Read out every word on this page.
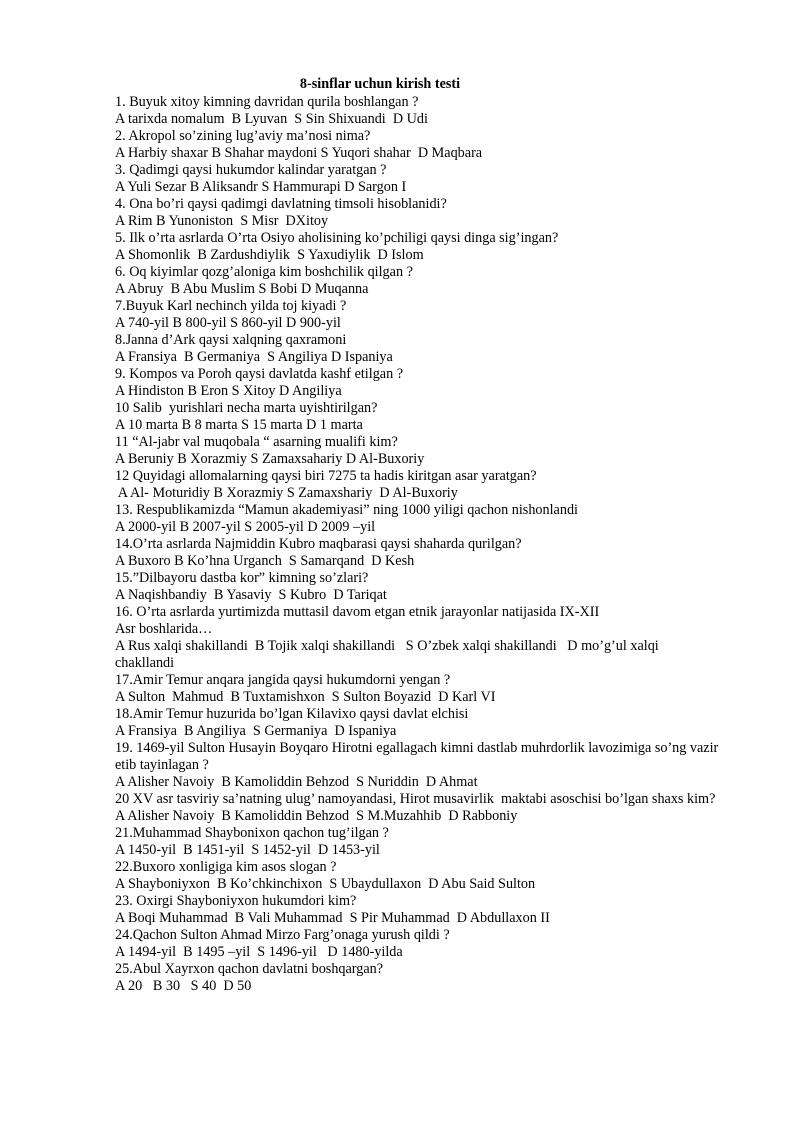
8-sinflar uchun kirish testi
1. Buyuk xitoy kimning davridan qurila boshlangan ?
A tarixda nomalum  B Lyuvan  S Sin Shixuandi  D Udi
2. Akropol so’zining lug’aviy ma’nosi nima?
A Harbiy shaxar B Shahar maydoni S Yuqori shahar  D Maqbara
3. Qadimgi qaysi hukumdor kalindar yaratgan ?
A Yuli Sezar B Aliksandr S Hammurapi D Sargon I
4. Ona bo’ri qaysi qadimgi davlatning timsoli hisoblanidi?
A Rim B Yunoniston  S Misr  DXitoy
5. Ilk o’rta asrlarda O’rta Osiyo aholisining ko’pchiligi qaysi dinga sig’ingan?
A Shomonlik  B Zardushdiylik  S Yaxudiylik  D Islom
6. Oq kiyimlar qozg’aloniga kim boshchilik qilgan ?
A Abruy  B Abu Muslim S Bobi D Muqanna
7.Buyuk Karl nechinch yilda toj kiyadi ?
A 740-yil B 800-yil S 860-yil D 900-yil
8.Janna d’Ark qaysi xalqning qaxramoni
A Fransiya  B Germaniya  S Angiliya D Ispaniya
9. Kompos va Poroh qaysi davlatda kashf etilgan ?
A Hindiston B Eron S Xitoy D Angiliya
10 Salib  yurishlari necha marta uyishtirilgan?
A 10 marta B 8 marta S 15 marta D 1 marta
11 “Al-jabr val muqobala “ asarning mualifi kim?
A Beruniy B Xorazmiy S Zamaxsahariy D Al-Buxoriy
12 Quyidagi allomalarning qaysi biri 7275 ta hadis kiritgan asar yaratgan?
A Al- Moturidiy B Xorazmiy S Zamaxshariy  D Al-Buxoriy
13. Respublikamizda “Mamun akademiyasi” ning 1000 yiligi qachon nishonlandi
A 2000-yil B 2007-yil S 2005-yil D 2009 –yil
14.O’rta asrlarda Najmiddin Kubro maqbarasi qaysi shaharda qurilgan?
A Buxoro B Ko’hna Urganch  S Samarqand  D Kesh
15.”Dilbayoru dastba kor” kimning so’zlari?
A Naqishbandiy  B Yasaviy  S Kubro  D Tariqat
16. O’rta asrlarda yurtimizda muttasil davom etgan etnik jarayonlar natijasida IX-XII
Asr boshlarida…
A Rus xalqi shakillandi  B Tojik xalqi shakillandi   S O’zbek xalqi shakillandi   D mo’g’ul xalqi
chakllandi
17.Amir Temur anqara jangida qaysi hukumdorni yengan ?
A Sulton  Mahmud  B Tuxtamishxon  S Sulton Boyazid  D Karl VI
18.Amir Temur huzurida bo’lgan Kilavixo qaysi davlat elchisi
A Fransiya  B Angiliya  S Germaniya  D Ispaniya
19. 1469-yil Sulton Husayin Boyqaro Hirotni egallagach kimni dastlab muhrdorlik lavozimiga so’ng vazir
etib tayinlagan ?
A Alisher Navoiy  B Kamoliddin Behzod  S Nuriddin  D Ahmat
20 XV asr tasviriy sa’natning ulug’ namoyandasi, Hirot musavirlik  maktabi asoschisi bo’lgan shaxs kim?
A Alisher Navoiy  B Kamoliddin Behzod  S M.Muzahhib  D Rabboniy
21.Muhammad Shaybonixon qachon tug’ilgan ?
A 1450-yil  B 1451-yil  S 1452-yil  D 1453-yil
22.Buxoro xonligiga kim asos slogan ?
A Shayboniyxon  B Ko’chkinchixon  S Ubaydullaxon  D Abu Said Sulton
23. Oxirgi Shayboniyxon hukumdori kim?
A Boqi Muhammad  B Vali Muhammad  S Pir Muhammad  D Abdullaxon II
24.Qachon Sulton Ahmad Mirzo Farg’onaga yurush qildi ?
A 1494-yil  B 1495 –yil  S 1496-yil   D 1480-yilda
25.Abul Xayrxon qachon davlatni boshqargan?
A 20   B 30   S 40  D 50
